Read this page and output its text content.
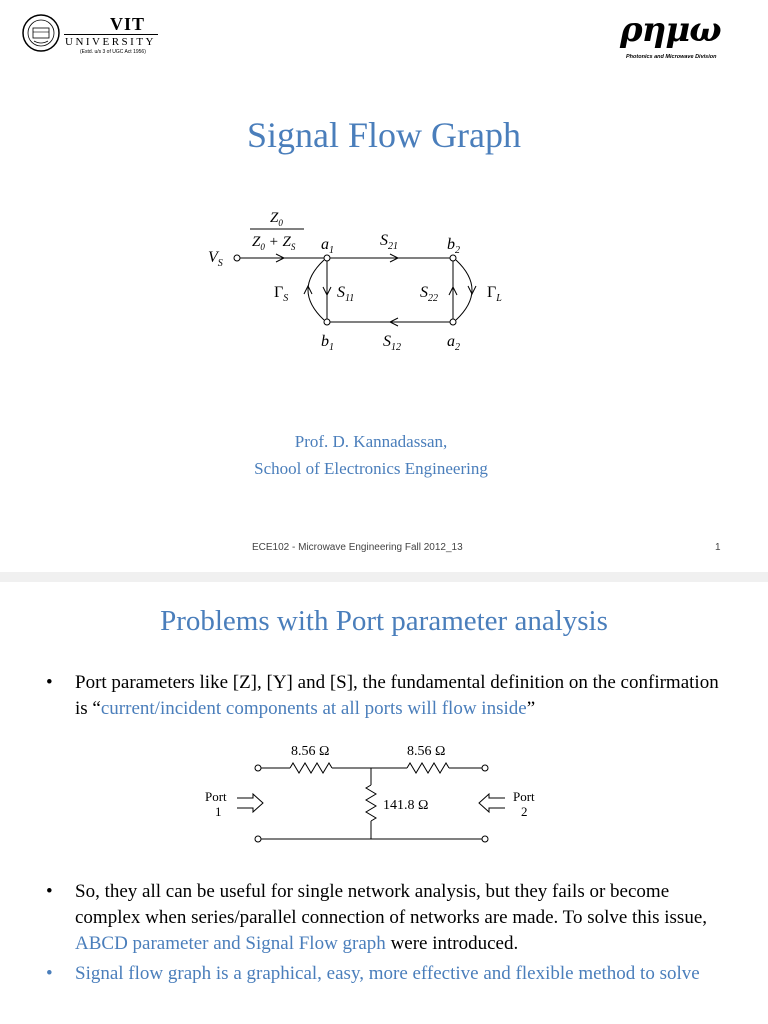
VIT
UNIVERSITY
(Estd. u/s 3 of UGC Act 1956)
ρημω
Photonics and Microwave Division
Signal Flow Graph
$V_S$
$Z_0$
$Z_0 + Z_S$ $a_1$	$b_2$
$S_{21}$
$b_1$	$a_2$
$S_{12}$
$S_{11}$	$S_{22}$
$\Gamma_S$	$\Gamma_L$
Prof. D. Kannadassan,
School of Electronics Engineering
ECE102 - Microwave Engineering Fall 2012_13	1
Problems with Port parameter analysis
• Port parameters like [Z], [Y] and [S], the fundamental definition on the confirmation is “current/incident components at all ports will flow inside”
8.56 Ω	8.56 Ω
141.8 Ω
Port
1
Port
2
• So, they all can be useful for single network analysis, but they fails or become complex when series/parallel connection of networks are made. To solve this issue, ABCD parameter and Signal Flow graph were introduced.
• Signal flow graph is a graphical, easy, more effective and flexible method to solve
